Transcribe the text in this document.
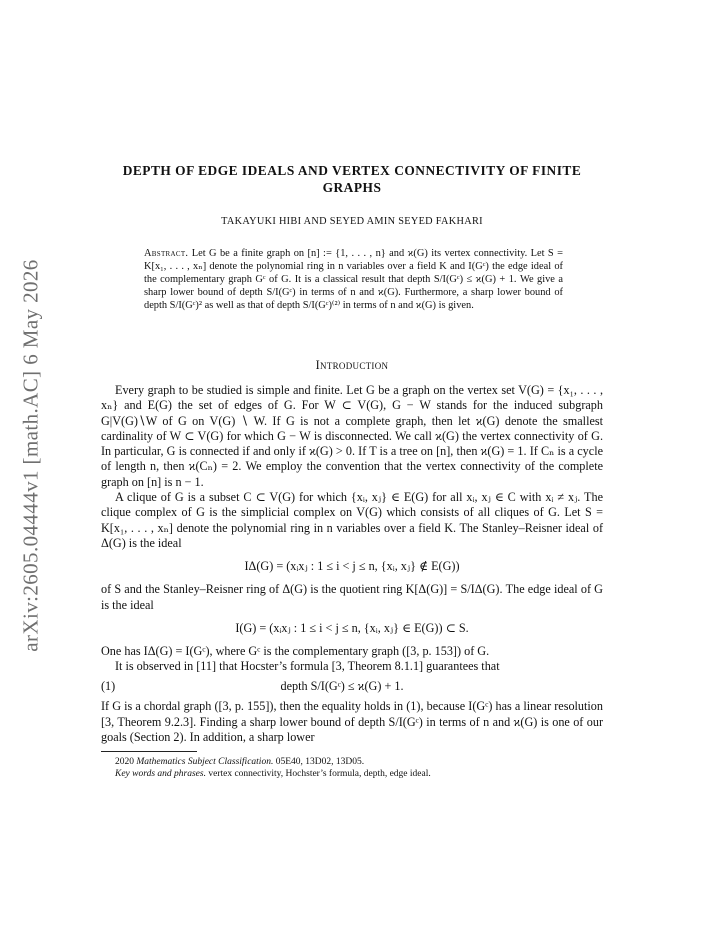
arXiv:2605.04444v1 [math.AC] 6 May 2026
DEPTH OF EDGE IDEALS AND VERTEX CONNECTIVITY OF FINITE GRAPHS
TAKAYUKI HIBI AND SEYED AMIN SEYED FAKHARI
Abstract. Let G be a finite graph on [n] := {1, . . . , n} and ϰ(G) its vertex connectivity. Let S = K[x₁, . . . , xₙ] denote the polynomial ring in n variables over a field K and I(Gᶜ) the edge ideal of the complementary graph Gᶜ of G. It is a classical result that depth S/I(Gᶜ) ≤ ϰ(G) + 1. We give a sharp lower bound of depth S/I(Gᶜ) in terms of n and ϰ(G). Furthermore, a sharp lower bound of depth S/I(Gᶜ)² as well as that of depth S/I(Gᶜ)⁽²⁾ in terms of n and ϰ(G) is given.
Introduction

Every graph to be studied is simple and finite. Let G be a graph on the vertex set V(G) = {x₁, . . . , xₙ} and E(G) the set of edges of G. For W ⊂ V(G), G − W stands for the induced subgraph G|V(G)∖W of G on V(G) ∖ W. If G is not a complete graph, then let ϰ(G) denote the smallest cardinality of W ⊂ V(G) for which G − W is disconnected. We call ϰ(G) the vertex connectivity of G. In particular, G is connected if and only if ϰ(G) > 0. If T is a tree on [n], then ϰ(G) = 1. If Cₙ is a cycle of length n, then ϰ(Cₙ) = 2. We employ the convention that the vertex connectivity of the complete graph on [n] is n − 1.

A clique of G is a subset C ⊂ V(G) for which {xᵢ, xⱼ} ∈ E(G) for all xᵢ, xⱼ ∈ C with xᵢ ≠ xⱼ. The clique complex of G is the simplicial complex on V(G) which consists of all cliques of G. Let S = K[x₁, . . . , xₙ] denote the polynomial ring in n variables over a field K. The Stanley–Reisner ideal of Δ(G) is the ideal

IΔ(G) = (xᵢxⱼ : 1 ≤ i < j ≤ n, {xᵢ, xⱼ} ∉ E(G))

of S and the Stanley–Reisner ring of Δ(G) is the quotient ring K[Δ(G)] = S/IΔ(G). The edge ideal of G is the ideal

I(G) = (xᵢxⱼ : 1 ≤ i < j ≤ n, {xᵢ, xⱼ} ∈ E(G)) ⊂ S.

One has IΔ(G) = I(Gᶜ), where Gᶜ is the complementary graph ([3, p. 153]) of G.

It is observed in [11] that Hocster’s formula [3, Theorem 8.1.1] guarantees that

(1)	depth S/I(Gᶜ) ≤ ϰ(G) + 1.

If G is a chordal graph ([3, p. 155]), then the equality holds in (1), because I(Gᶜ) has a linear resolution [3, Theorem 9.2.3]. Finding a sharp lower bound of depth S/I(Gᶜ) in terms of n and ϰ(G) is one of our goals (Section 2). In addition, a sharp lower

2020 Mathematics Subject Classification. 05E40, 13D02, 13D05.

Key words and phrases. vertex connectivity, Hochster’s formula, depth, edge ideal.
